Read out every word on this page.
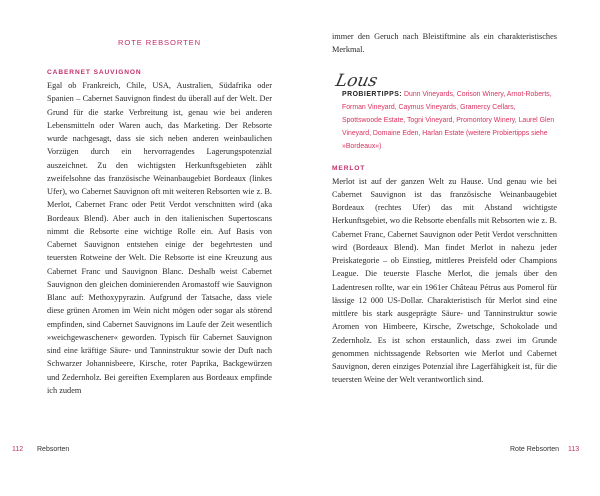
ROTE REBSORTEN

CABERNET SAUVIGNON

Egal ob Frankreich, Chile, USA, Australien, Südafrika oder Spanien – Cabernet Sauvignon findest du überall auf der Welt. Der Grund für die starke Verbreitung ist, genau wie bei anderen Lebensmitteln oder Waren auch, das Marketing. Der Rebsorte wurde nachgesagt, dass sie sich neben anderen weinbaulichen Vorzügen durch ein hervorragendes Lagerungspotenzial auszeichnet. Zu den wichtigsten Herkunftsgebieten zählt zweifelsohne das französische Weinanbaugebiet Bordeaux (linkes Ufer), wo Cabernet Sauvignon oft mit weiteren Rebsorten wie z. B. Merlot, Cabernet Franc oder Petit Verdot verschnitten wird (aka Bordeaux Blend). Aber auch in den italienischen Supertoscans nimmt die Rebsorte eine wichtige Rolle ein. Auf Basis von Cabernet Sauvignon entstehen einige der begehrtesten und teuersten Rotweine der Welt. Die Rebsorte ist eine Kreuzung aus Cabernet Franc und Sauvignon Blanc. Deshalb weist Cabernet Sauvignon den gleichen dominierenden Aromastoff wie Sauvignon Blanc auf: Methoxypyrazin. Aufgrund der Tatsache, dass viele diese grünen Aromen im Wein nicht mögen oder sogar als störend empfinden, sind Cabernet Sauvignons im Laufe der Zeit wesentlich »weichgewaschener« geworden. Typisch für Cabernet Sauvignon sind eine kräftige Säure- und Tanninstruktur sowie der Duft nach Schwarzer Johannisbeere, Kirsche, roter Paprika, Backgewürzen und Zedernholz. Bei gereiften Exemplaren aus Bordeaux empfinde ich zudem

112 Rebsorten

immer den Geruch nach Bleistiftmine als ein charakteristisches Merkmal.

Lous

PROBIERTIPPS: Dunn Vineyards, Corison Winery, Arnot-Roberts, Forman Vineyard, Caymus Vineyards, Gramercy Cellars, Spottswoode Estate, Togni Vineyard, Promontory Winery, Laurel Glen Vineyard, Domaine Eden, Harlan Estate (weitere Probiertipps siehe »Bordeaux«)

MERLOT

Merlot ist auf der ganzen Welt zu Hause. Und genau wie bei Cabernet Sauvignon ist das französische Weinanbaugebiet Bordeaux (rechtes Ufer) das mit Abstand wichtigste Herkunftsgebiet, wo die Rebsorte ebenfalls mit Rebsorten wie z. B. Cabernet Franc, Cabernet Sauvignon oder Petit Verdot verschnitten wird (Bordeaux Blend). Man findet Merlot in nahezu jeder Preiskategorie – ob Einstieg, mittleres Preisfeld oder Champions League. Die teuerste Flasche Merlot, die jemals über den Ladentresen rollte, war ein 1961er Château Pétrus aus Pomerol für lässige 12 000 US-Dollar. Charakteristisch für Merlot sind eine mittlere bis stark ausgeprägte Säure- und Tanninstruktur sowie Aromen von Himbeere, Kirsche, Zwetschge, Schokolade und Zedernholz. Es ist schon erstaunlich, dass zwei im Grunde genommen nichtssagende Rebsorten wie Merlot und Cabernet Sauvignon, deren einziges Potenzial ihre Lagerfähigkeit ist, für die teuersten Weine der Welt verantwortlich sind.

Rote Rebsorten 113
